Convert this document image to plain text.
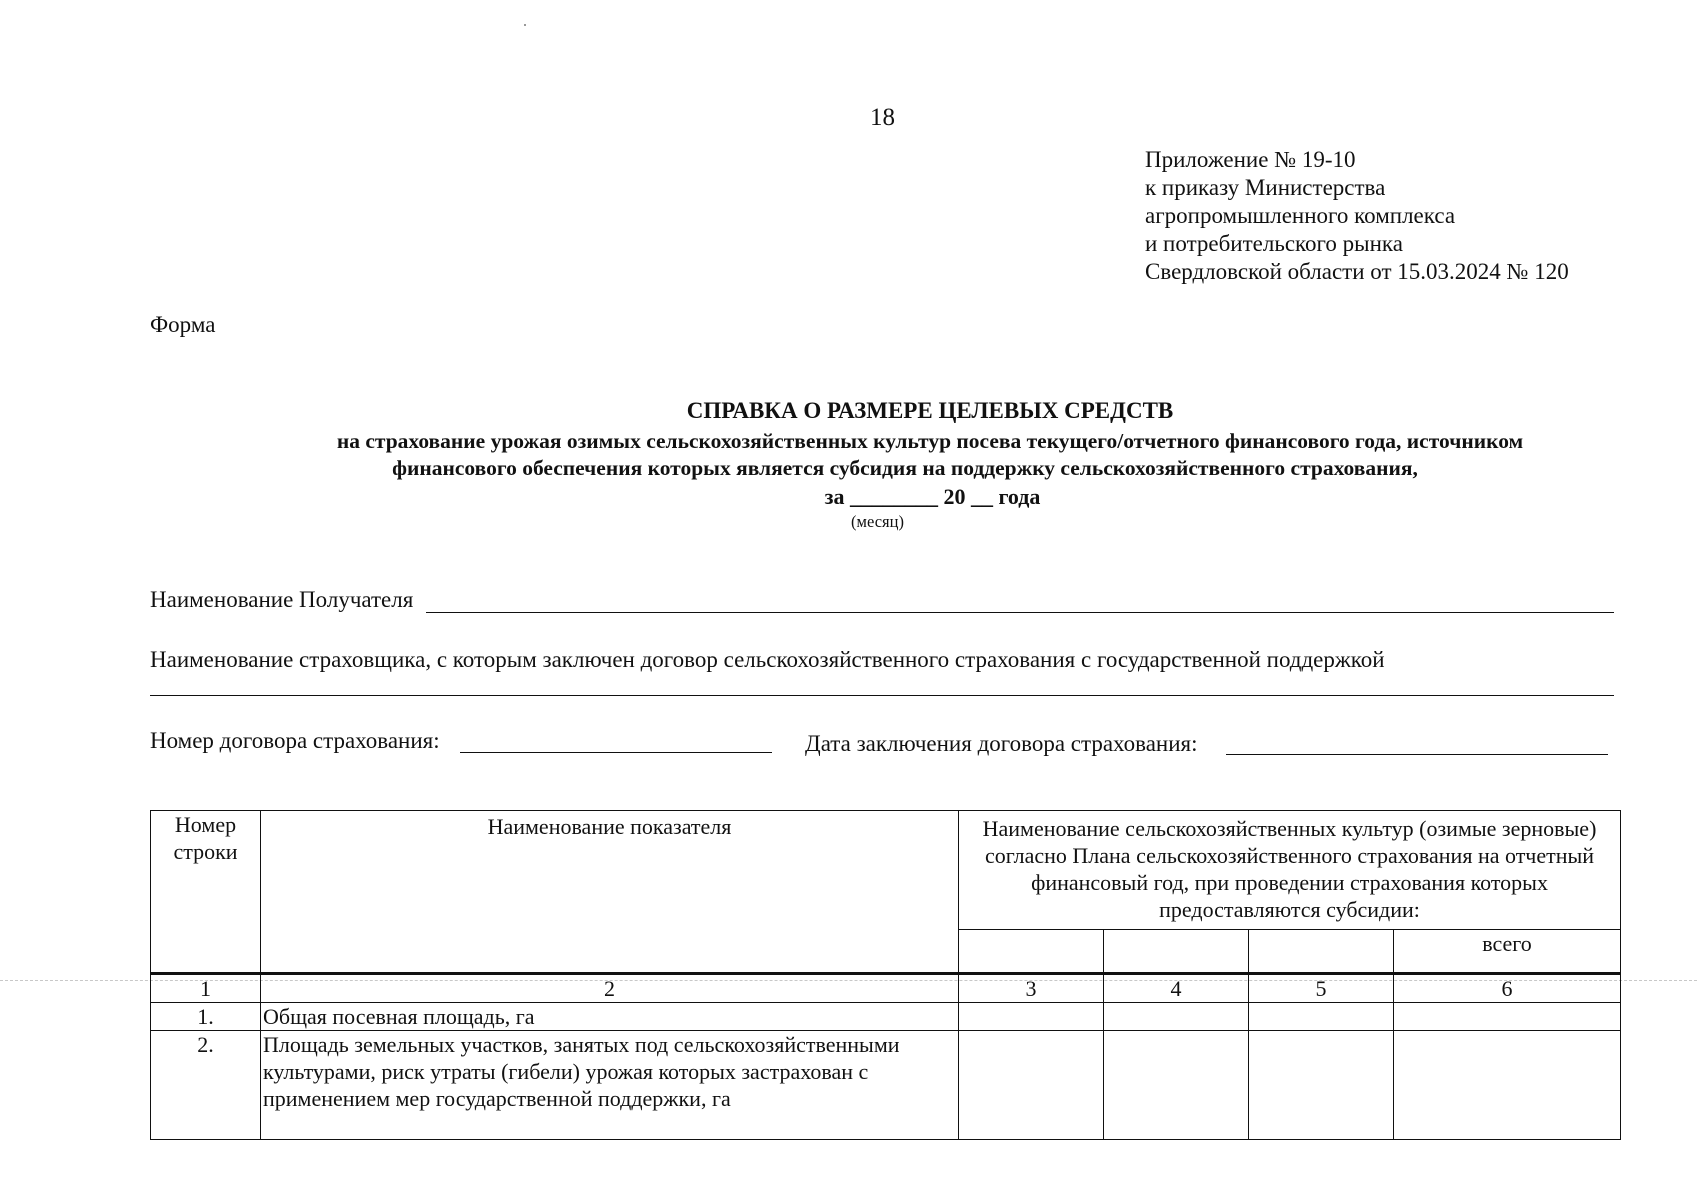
18
Приложение № 19-10
к приказу Министерства
агропромышленного комплекса
и потребительского рынка
Свердловской области от 15.03.2024 № 120
Форма
СПРАВКА О РАЗМЕРЕ ЦЕЛЕВЫХ СРЕДСТВ
на страхование урожая озимых сельскохозяйственных культур посева текущего/отчетного финансового года, источником
финансового обеспечения которых является субсидия на поддержку сельскохозяйственного страхования,
за ________ 20 __ года
(месяц)
Наименование Получателя
Наименование страховщика, с которым заключен договор сельскохозяйственного страхования с государственной поддержкой
Номер договора страхования:	Дата заключения договора страхования:
Номер строки	Наименование показателя	Наименование сельскохозяйственных культур (озимые зерновые) согласно Плана сельскохозяйственного страхования на отчетный финансовый год, при проведении страхования которых предоставляются субсидии:			
					всего
1	2	3	4	5	6
1.	Общая посевная площадь, га				
2.	Площадь земельных участков, занятых под сельскохозяйственными культурами, риск утраты (гибели) урожая которых застрахован с применением мер государственной поддержки, га				
